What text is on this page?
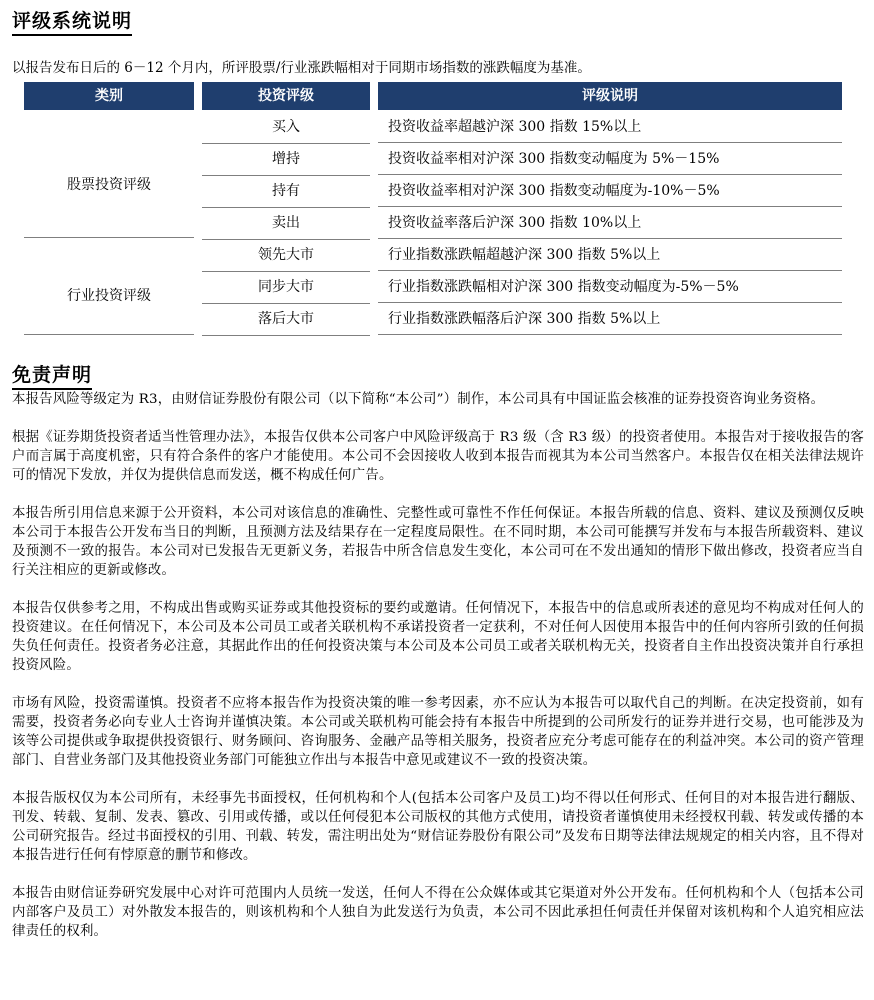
评级系统说明
以报告发布日后的 6－12 个月内，所评股票/行业涨跌幅相对于同期市场指数的涨跌幅度为基准。
类别	投资评级	评级说明
股票投资评级
买入	投资收益率超越沪深 300 指数 15%以上
增持	投资收益率相对沪深 300 指数变动幅度为 5%－15%
持有	投资收益率相对沪深 300 指数变动幅度为-10%－5%
卖出	投资收益率落后沪深 300 指数 10%以上
行业投资评级
领先大市	行业指数涨跌幅超越沪深 300 指数 5%以上
同步大市	行业指数涨跌幅相对沪深 300 指数变动幅度为-5%－5%
落后大市	行业指数涨跌幅落后沪深 300 指数 5%以上
免责声明

本报告风险等级定为 R3，由财信证券股份有限公司（以下简称“本公司”）制作，本公司具有中国证监会核准的证券投资咨询业务资格。

根据《证券期货投资者适当性管理办法》，本报告仅供本公司客户中风险评级高于 R3 级（含 R3 级）的投资者使用。本报告对于接收报告的客户而言属于高度机密，只有符合条件的客户才能使用。本公司不会因接收人收到本报告而视其为本公司当然客户。本报告仅在相关法律法规许可的情况下发放，并仅为提供信息而发送，概不构成任何广告。

本报告所引用信息来源于公开资料，本公司对该信息的准确性、完整性或可靠性不作任何保证。本报告所载的信息、资料、建议及预测仅反映本公司于本报告公开发布当日的判断，且预测方法及结果存在一定程度局限性。在不同时期，本公司可能撰写并发布与本报告所载资料、建议及预测不一致的报告。本公司对已发报告无更新义务，若报告中所含信息发生变化，本公司可在不发出通知的情形下做出修改，投资者应当自行关注相应的更新或修改。

本报告仅供参考之用，不构成出售或购买证券或其他投资标的要约或邀请。任何情况下，本报告中的信息或所表述的意见均不构成对任何人的投资建议。在任何情况下，本公司及本公司员工或者关联机构不承诺投资者一定获利，不对任何人因使用本报告中的任何内容所引致的任何损失负任何责任。投资者务必注意，其据此作出的任何投资决策与本公司及本公司员工或者关联机构无关，投资者自主作出投资决策并自行承担投资风险。

市场有风险，投资需谨慎。投资者不应将本报告作为投资决策的唯一参考因素，亦不应认为本报告可以取代自己的判断。在决定投资前，如有需要，投资者务必向专业人士咨询并谨慎决策。本公司或关联机构可能会持有本报告中所提到的公司所发行的证券并进行交易，也可能涉及为该等公司提供或争取提供投资银行、财务顾问、咨询服务、金融产品等相关服务，投资者应充分考虑可能存在的利益冲突。本公司的资产管理部门、自营业务部门及其他投资业务部门可能独立作出与本报告中意见或建议不一致的投资决策。

本报告版权仅为本公司所有，未经事先书面授权，任何机构和个人(包括本公司客户及员工)均不得以任何形式、任何目的对本报告进行翻版、刊发、转载、复制、发表、篡改、引用或传播，或以任何侵犯本公司版权的其他方式使用，请投资者谨慎使用未经授权刊载、转发或传播的本公司研究报告。经过书面授权的引用、刊载、转发，需注明出处为“财信证券股份有限公司”及发布日期等法律法规规定的相关内容，且不得对本报告进行任何有悖原意的删节和修改。

本报告由财信证券研究发展中心对许可范围内人员统一发送，任何人不得在公众媒体或其它渠道对外公开发布。任何机构和个人（包括本公司内部客户及员工）对外散发本报告的，则该机构和个人独自为此发送行为负责，本公司不因此承担任何责任并保留对该机构和个人追究相应法律责任的权利。
